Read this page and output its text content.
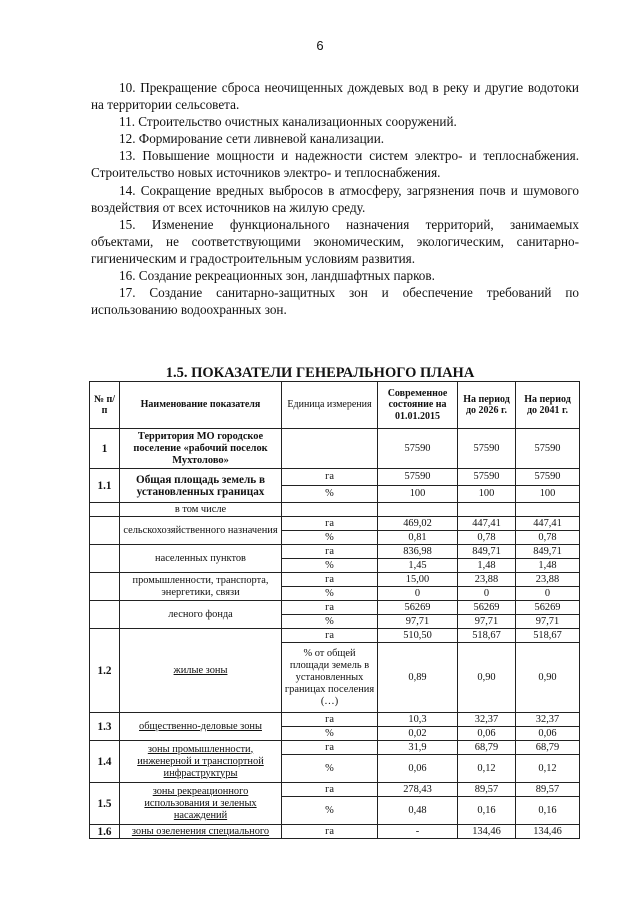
6

10. Прекращение сброса неочищенных дождевых вод в реку и другие водотоки на территории сельсовета.

11. Строительство очистных канализационных сооружений.

12. Формирование сети ливневой канализации.

13. Повышение мощности и надежности систем электро- и теплоснабжения. Строительство новых источников электро- и теплоснабжения.

14. Сокращение вредных выбросов в атмосферу, загрязнения почв и шумового воздействия от всех источников на жилую среду.

15. Изменение функционального назначения территорий, занимаемых объектами, не соответствующими экономическим, экологическим, санитарно-гигиеническим и градостроительным условиям развития.

16. Создание рекреационных зон, ландшафтных парков.

17. Создание санитарно-защитных зон и обеспечение требований по использованию водоохранных зон.

1.5. ПОКАЗАТЕЛИ ГЕНЕРАЛЬНОГО ПЛАНА
№ п/п	Наименование показателя	Единица измерения	Современное состояние на 01.01.2015	На период до 2026 г.	На период до 2041 г.
1	Территория МО городское поселение «рабочий поселок Мухтолово»		57590	57590	57590
1.1	Общая площадь земель в установленных границах	га	57590	57590	57590
		%	100	100	100
	в том числе				
	сельскохозяйственного назначения	га	469,02	447,41	447,41
		%	0,81	0,78	0,78
	населенных пунктов	га	836,98	849,71	849,71
		%	1,45	1,48	1,48
	промышленности, транспорта, энергетики, связи	га	15,00	23,88	23,88
		%	0	0	0
	лесного фонда	га	56269	56269	56269
		%	97,71	97,71	97,71
1.2	жилые зоны	га	510,50	518,67	518,67
		% от общей площади земель в установленных границах поселения (…)	0,89	0,90	0,90
1.3	общественно-деловые зоны	га	10,3	32,37	32,37
		%	0,02	0,06	0,06
1.4	зоны промышленности, инженерной и транспортной инфраструктуры	га	31,9	68,79	68,79
		%	0,06	0,12	0,12
1.5	зоны рекреационного использования и зеленых насаждений	га	278,43	89,57	89,57
		%	0,48	0,16	0,16
1.6	зоны озеленения специального	га	-	134,46	134,46
